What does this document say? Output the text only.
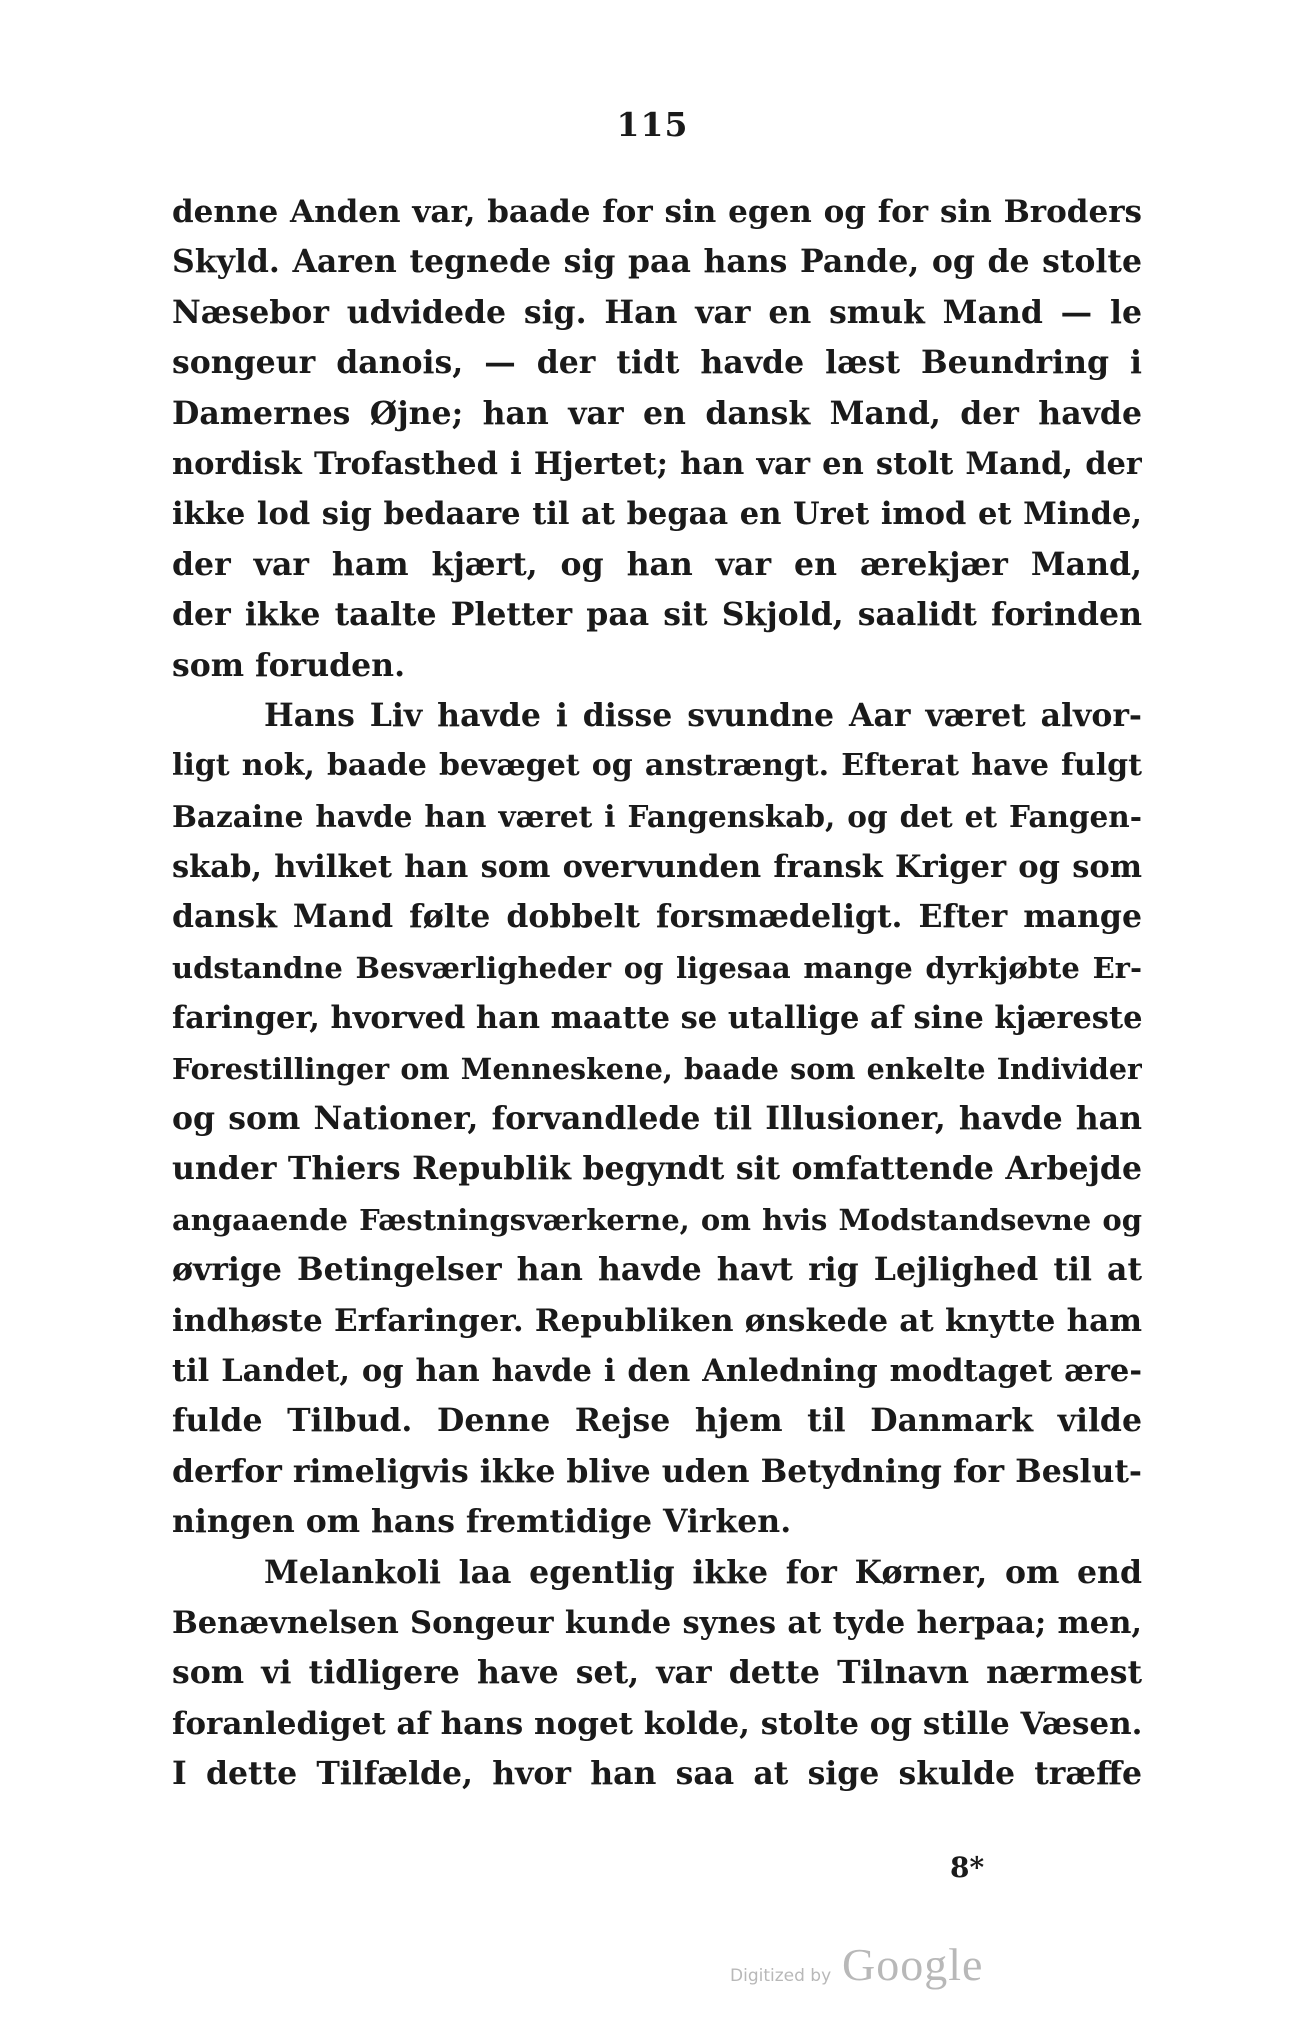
115
denne Anden var, baade for sin egen og for sin Broders
Skyld. Aaren tegnede sig paa hans Pande, og de stolte
Næsebor udvidede sig. Han var en smuk Mand — le
songeur danois, — der tidt havde læst Beundring i
Damernes Øjne; han var en dansk Mand, der havde
nordisk Trofasthed i Hjertet; han var en stolt Mand, der
ikke lod sig bedaare til at begaa en Uret imod et Minde,
der var ham kjært, og han var en ærekjær Mand,
der ikke taalte Pletter paa sit Skjold, saalidt forinden
som foruden.
Hans Liv havde i disse svundne Aar været alvor-
ligt nok, baade bevæget og anstrængt. Efterat have fulgt
Bazaine havde han været i Fangenskab, og det et Fangen-
skab, hvilket han som overvunden fransk Kriger og som
dansk Mand følte dobbelt forsmædeligt. Efter mange
udstandne Besværligheder og ligesaa mange dyrkjøbte Er-
faringer, hvorved han maatte se utallige af sine kjæreste
Forestillinger om Menneskene, baade som enkelte Individer
og som Nationer, forvandlede til Illusioner, havde han
under Thiers Republik begyndt sit omfattende Arbejde
angaaende Fæstningsværkerne, om hvis Modstandsevne og
øvrige Betingelser han havde havt rig Lejlighed til at
indhøste Erfaringer. Republiken ønskede at knytte ham
til Landet, og han havde i den Anledning modtaget ære-
fulde Tilbud. Denne Rejse hjem til Danmark vilde
derfor rimeligvis ikke blive uden Betydning for Beslut-
ningen om hans fremtidige Virken.
Melankoli laa egentlig ikke for Kørner, om end
Benævnelsen Songeur kunde synes at tyde herpaa; men,
som vi tidligere have set, var dette Tilnavn nærmest
foranlediget af hans noget kolde, stolte og stille Væsen.
I dette Tilfælde, hvor han saa at sige skulde træffe
8*
Digitized by Google
